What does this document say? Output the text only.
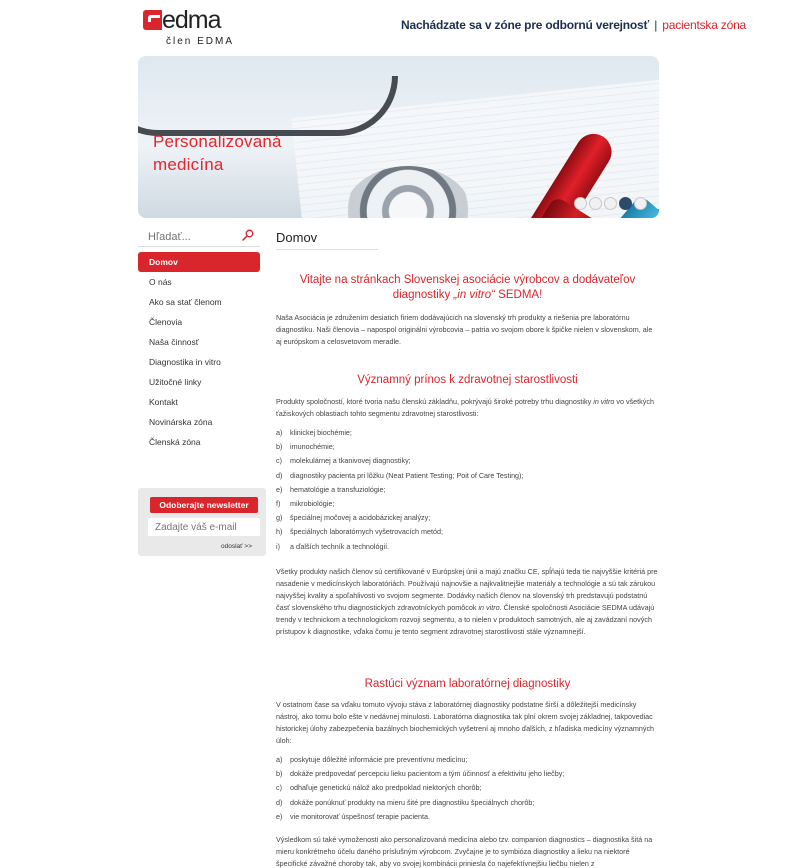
edma
člen EDMA
Nachádzate sa v zóne pre odbornú verejnosť | pacientska zóna
Personalizovaná
medicína
Hľadať...
Domov
O nás
Ako sa stať členom
Členovia
Naša činnosť
Diagnostika in vitro
Užitočné linky
Kontakt
Novinárska zóna
Členská zóna
Odoberajte newsletter
Zadajte váš e-mail
odoslať >>
Domov
Vitajte na stránkach Slovenskej asociácie výrobcov a dodávateľov diagnostiky „in vitro“ SEDMA!

Naša Asociácia je združením desiatich firiem dodávajúcich na slovenský trh produkty a riešenia pre laboratórnu diagnostiku. Naši členovia – napospol originálni výrobcovia – patria vo svojom obore k špičke nielen v slovenskom, ale aj európskom a celosvetovom meradle.

Významný prínos k zdravotnej starostlivosti

Produkty spoločností, ktoré tvoria našu členskú základňu, pokrývajú široké potreby trhu diagnostiky in vitro vo všetkých ťažiskových oblastiach tohto segmentu zdravotnej starostlivosti:

a) klinickej biochémie;
b) imunochémie;
c) molekulárnej a tkanivovej diagnostiky;
d) diagnostiky pacienta pri lôžku (Neat Patient Testing; Poit of Care Testing);
e) hematológie a transfuziológie;
f) mikrobiológie;
g) špeciálnej močovej a acidobázickej analýzy;
h) špeciálnych laboratórnych vyšetrovacích metód;
i) a ďalších techník a technológií.

Všetky produkty našich členov sú certifikované v Európskej únii a majú značku CE, spĺňajú teda tie najvyššie kritériá pre nasadenie v medicínskych laboratóriách. Používajú najnovšie a najkvalitnejšie materiály a technológie a sú tak zárukou najvyššej kvality a spoľahlivosti vo svojom segmente. Dodávky našich členov na slovenský trh predstavujú podstatnú časť slovenského trhu diagnostických zdravotníckych pomôcok in vitro. Členské spoločnosti Asociácie SEDMA udávajú trendy v technickom a technologickom rozvoji segmentu, a to nielen v produktoch samotných, ale aj zavádzaní nových prístupov k diagnostike, vďaka čomu je tento segment zdravotnej starostlivosti stále významnejší.

Rastúci význam laboratórnej diagnostiky

V ostatnom čase sa vďaku tomuto vývoju stáva z laboratórnej diagnostiky podstatne širší a dôležitejší medicínsky nástroj, ako tomu bolo ešte v nedávnej minulosti. Laboratórna diagnostika tak plní okrem svojej základnej, takpovediac historickej úlohy zabezpečenia bazálnych biochemických vyšetrení aj mnoho ďalších, z hľadiska medicíny významných úloh:

a) poskytuje dôležité informácie pre preventívnu medicínu;
b) dokáže predpovedať percepciu lieku pacientom a tým účinnosť a efektivitu jeho liečby;
c) odhaľuje genetickú nálož ako predpoklad niektorých chorôb;
d) dokáže ponúknuť produkty na mieru šité pre diagnostiku špeciálnych chorôb;
e) vie monitorovať úspešnosť terapie pacienta.

Výsledkom sú také vymoženosti ako personalizovaná medicína alebo tzv. companion diagnostics – diagnostika šitá na mieru konkrétneho účelu daného príslušným výrobcom. Zvyčajne je to symbióza diagnostiky a lieku na niektoré špecifické závažné choroby tak, aby vo svojej kombinácii priniesla čo najefektívnejšiu liečbu nielen z
